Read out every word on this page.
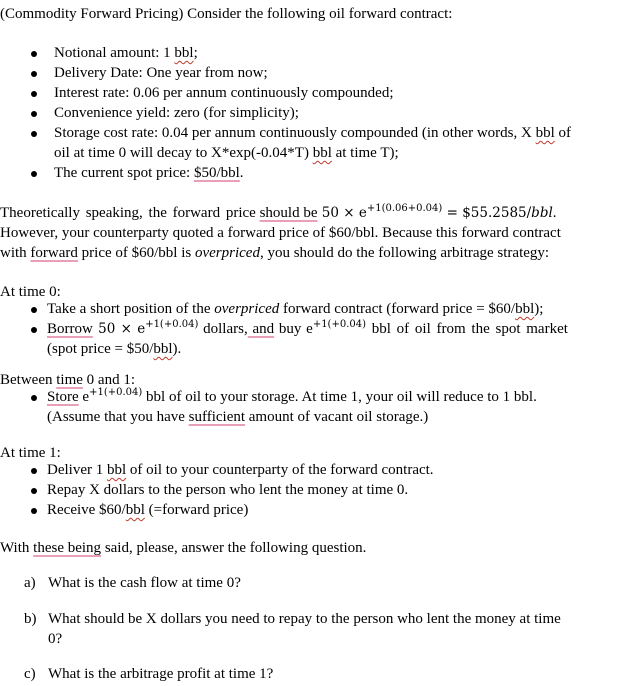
(Commodity Forward Pricing) Consider the following oil forward contract:
Notional amount: 1 bbl;
Delivery Date: One year from now;
Interest rate: 0.06 per annum continuously compounded;
Convenience yield: zero (for simplicity);
Storage cost rate: 0.04 per annum continuously compounded (in other words, X bbl of
oil at time 0 will decay to X*exp(-0.04*T) bbl at time T);
The current spot price: $50/bbl.
Theoretically speaking, the forward price should be $50 \times e^{+1(0.06+0.04)}$ = $55.2585/bbl.
However, your counterparty quoted a forward price of $60/bbl. Because this forward contract
with forward price of $60/bbl is overpriced, you should do the following arbitrage strategy:
At time 0:
Take a short position of the overpriced forward contract (forward price = $60/bbl);
Borrow $50 \times e^{+1(+0.04)}$ dollars, and buy $e^{+1(+0.04)}$ bbl of oil from the spot market
(spot price = $50/bbl).
Between time 0 and 1:
Store $e^{+1(+0.04)}$ bbl of oil to your storage. At time 1, your oil will reduce to 1 bbl.
(Assume that you have sufficient amount of vacant oil storage.)
At time 1:
Deliver 1 bbl of oil to your counterparty of the forward contract.
Repay X dollars to the person who lent the money at time 0.
Receive $60/bbl (=forward price)
With these being said, please, answer the following question.
a) What is the cash flow at time 0?
b) What should be X dollars you need to repay to the person who lent the money at time
0?
c) What is the arbitrage profit at time 1?
